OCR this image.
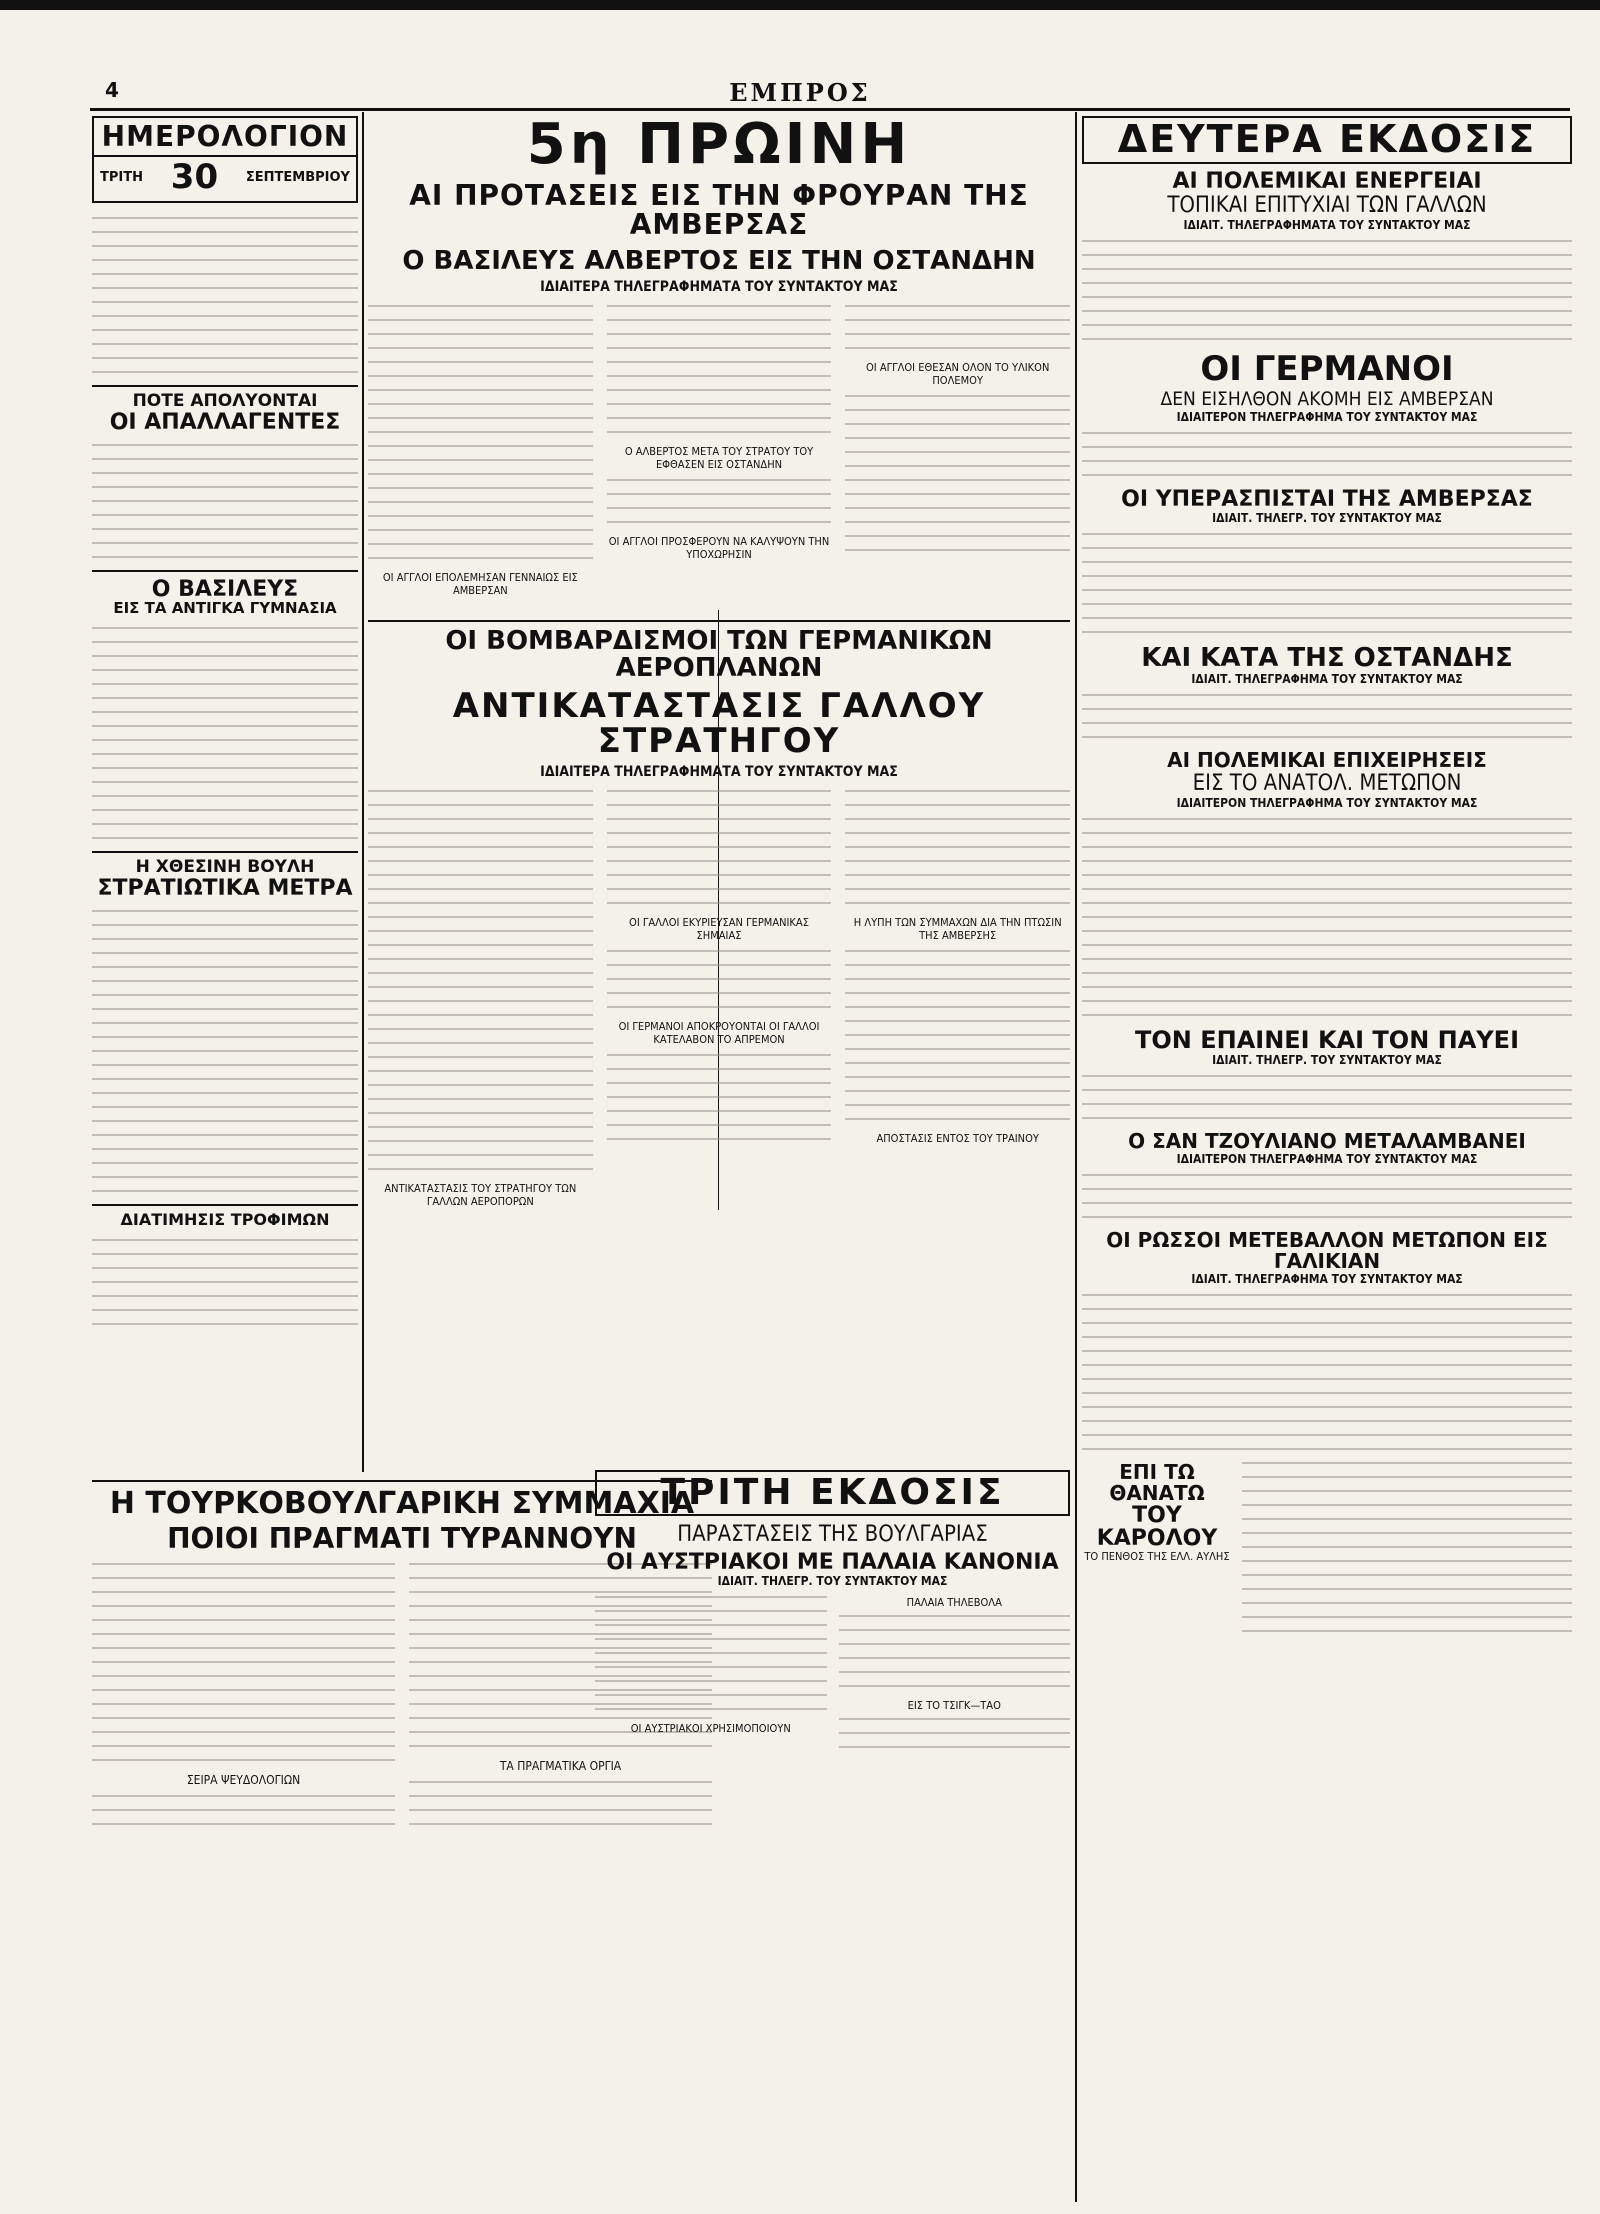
4	ΕΜΠΡΟΣ

ΗΜΕΡΟΛΟΓΙΟΝ

ΤΡΙΤΗ 30 ΣΕΠΤΕΜΒΡΙΟΥ

ΠΟΤΕ ΑΠΟΛΥΟΝΤΑΙ

ΟΙ ΑΠΑΛΛΑΓΕΝΤΕΣ

Ο ΒΑΣΙΛΕΥΣ

ΕΙΣ ΤΑ ΑΝΤΙΓΚΑ ΓΥΜΝΑΣΙΑ

Η ΧΘΕΣΙΝΗ ΒΟΥΛΗ

ΣΤΡΑΤΙΩΤΙΚΑ ΜΕΤΡΑ

ΔΙΑΤΙΜΗΣΙΣ ΤΡΟΦΙΜΩΝ

5η ΠΡΩΙΝΗ

ΑΙ ΠΡΟΤΑΣΕΙΣ ΕΙΣ ΤΗΝ ΦΡΟΥΡΑΝ ΤΗΣ ΑΜΒΕΡΣΑΣ

Ο ΒΑΣΙΛΕΥΣ ΑΛΒΕΡΤΟΣ ΕΙΣ ΤΗΝ ΟΣΤΑΝΔΗΝ

ΙΔΙΑΙΤΕΡΑ ΤΗΛΕΓΡΑΦΗΜΑΤΑ ΤΟΥ ΣΥΝΤΑΚΤΟΥ ΜΑΣ

ΟΙ ΑΓΓΛΟΙ ΕΠΟΛΕΜΗΣΑΝ ΓΕΝΝΑΙΩΣ ΕΙΣ ΑΜΒΕΡΣΑΝ

Ο ΑΛΒΕΡΤΟΣ ΜΕΤΑ ΤΟΥ ΣΤΡΑΤΟΥ ΤΟΥ ΕΦΘΑΣΕΝ ΕΙΣ ΟΣΤΑΝΔΗΝ

ΟΙ ΑΓΓΛΟΙ ΠΡΟΣΦΕΡΟΥΝ ΝΑ ΚΑΛΥΨΟΥΝ ΤΗΝ ΥΠΟΧΩΡΗΣΙΝ

ΟΙ ΑΓΓΛΟΙ ΕΘΕΣΑΝ ΟΛΟΝ ΤΟ ΥΛΙΚΟΝ ΠΟΛΕΜΟΥ

ΟΙ ΒΟΜΒΑΡΔΙΣΜΟΙ ΤΩΝ ΓΕΡΜΑΝΙΚΩΝ ΑΕΡΟΠΛΑΝΩΝ

ΑΝΤΙΚΑΤΑΣΤΑΣΙΣ ΓΑΛΛΟΥ ΣΤΡΑΤΗΓΟΥ

ΙΔΙΑΙΤΕΡΑ ΤΗΛΕΓΡΑΦΗΜΑΤΑ ΤΟΥ ΣΥΝΤΑΚΤΟΥ ΜΑΣ

ΑΝΤΙΚΑΤΑΣΤΑΣΙΣ ΤΟΥ ΣΤΡΑΤΗΓΟΥ ΤΩΝ ΓΑΛΛΩΝ ΑΕΡΟΠΟΡΩΝ

ΟΙ ΓΑΛΛΟΙ ΕΚΥΡΙΕΥΣΑΝ ΓΕΡΜΑΝΙΚΑΣ ΣΗΜΑΙΑΣ

ΟΙ ΓΕΡΜΑΝΟΙ ΑΠΟΚΡΟΥΟΝΤΑΙ ΟΙ ΓΑΛΛΟΙ ΚΑΤΕΛΑΒΟΝ ΤΟ ΑΠΡΕΜΟΝ

Η ΛΥΠΗ ΤΩΝ ΣΥΜΜΑΧΩΝ ΔΙΑ ΤΗΝ ΠΤΩΣΙΝ ΤΗΣ ΑΜΒΕΡΣΗΣ

ΑΠΟΣΤΑΣΙΣ ΕΝΤΟΣ ΤΟΥ ΤΡΑΙΝΟΥ

ΔΕΥΤΕΡΑ ΕΚΔΟΣΙΣ

ΑΙ ΠΟΛΕΜΙΚΑΙ ΕΝΕΡΓΕΙΑΙ

ΤΟΠΙΚΑΙ ΕΠΙΤΥΧΙΑΙ ΤΩΝ ΓΑΛΛΩΝ

ΙΔΙΑΙΤ. ΤΗΛΕΓΡΑΦΗΜΑΤΑ ΤΟΥ ΣΥΝΤΑΚΤΟΥ ΜΑΣ

ΟΙ ΓΕΡΜΑΝΟΙ

ΔΕΝ ΕΙΣΗΛΘΟΝ ΑΚΟΜΗ ΕΙΣ ΑΜΒΕΡΣΑΝ

ΙΔΙΑΙΤΕΡΟΝ ΤΗΛΕΓΡΑΦΗΜΑ ΤΟΥ ΣΥΝΤΑΚΤΟΥ ΜΑΣ

ΟΙ ΥΠΕΡΑΣΠΙΣΤΑΙ ΤΗΣ ΑΜΒΕΡΣΑΣ

ΙΔΙΑΙΤ. ΤΗΛΕΓΡ. ΤΟΥ ΣΥΝΤΑΚΤΟΥ ΜΑΣ

ΚΑΙ ΚΑΤΑ ΤΗΣ ΟΣΤΑΝΔΗΣ

ΙΔΙΑΙΤ. ΤΗΛΕΓΡΑΦΗΜΑ ΤΟΥ ΣΥΝΤΑΚΤΟΥ ΜΑΣ

ΑΙ ΠΟΛΕΜΙΚΑΙ ΕΠΙΧΕΙΡΗΣΕΙΣ

ΕΙΣ ΤΟ ΑΝΑΤΟΛ. ΜΕΤΩΠΟΝ

ΙΔΙΑΙΤΕΡΟΝ ΤΗΛΕΓΡΑΦΗΜΑ ΤΟΥ ΣΥΝΤΑΚΤΟΥ ΜΑΣ

ΤΟΝ ΕΠΑΙΝΕΙ ΚΑΙ ΤΟΝ ΠΑΥΕΙ

ΙΔΙΑΙΤ. ΤΗΛΕΓΡ. ΤΟΥ ΣΥΝΤΑΚΤΟΥ ΜΑΣ

Ο ΣΑΝ ΤΖΟΥΛΙΑΝΟ ΜΕΤΑΛΑΜΒΑΝΕΙ

ΙΔΙΑΙΤΕΡΟΝ ΤΗΛΕΓΡΑΦΗΜΑ ΤΟΥ ΣΥΝΤΑΚΤΟΥ ΜΑΣ

ΟΙ ΡΩΣΣΟΙ ΜΕΤΕΒΑΛΛΟΝ ΜΕΤΩΠΟΝ ΕΙΣ ΓΑΛΙΚΙΑΝ

ΙΔΙΑΙΤ. ΤΗΛΕΓΡΑΦΗΜΑ ΤΟΥ ΣΥΝΤΑΚΤΟΥ ΜΑΣ

ΕΠΙ ΤΩ ΘΑΝΑΤΩ

ΤΟΥ ΚΑΡΟΛΟΥ

ΤΟ ΠΕΝΘΟΣ ΤΗΣ ΕΛΛ. ΑΥΛΗΣ

Η ΤΟΥΡΚΟΒΟΥΛΓΑΡΙΚΗ ΣΥΜΜΑΧΙΑ

ΠΟΙΟΙ ΠΡΑΓΜΑΤΙ ΤΥΡΑΝΝΟΥΝ

ΣΕΙΡΑ ΨΕΥΔΟΛΟΓΙΩΝ

ΤΑ ΠΡΑΓΜΑΤΙΚΑ ΟΡΓΙΑ

ΤΡΙΤΗ ΕΚΔΟΣΙΣ

ΠΑΡΑΣΤΑΣΕΙΣ ΤΗΣ ΒΟΥΛΓΑΡΙΑΣ

ΟΙ ΑΥΣΤΡΙΑΚΟΙ ΜΕ ΠΑΛΑΙΑ ΚΑΝΟΝΙΑ

ΙΔΙΑΙΤ. ΤΗΛΕΓΡ. ΤΟΥ ΣΥΝΤΑΚΤΟΥ ΜΑΣ

ΟΙ ΑΥΣΤΡΙΑΚΟΙ ΧΡΗΣΙΜΟΠΟΙΟΥΝ

ΠΑΛΑΙΑ ΤΗΛΕΒΟΛΑ

ΕΙΣ ΤΟ ΤΣΙΓΚ—ΤΑΟ
